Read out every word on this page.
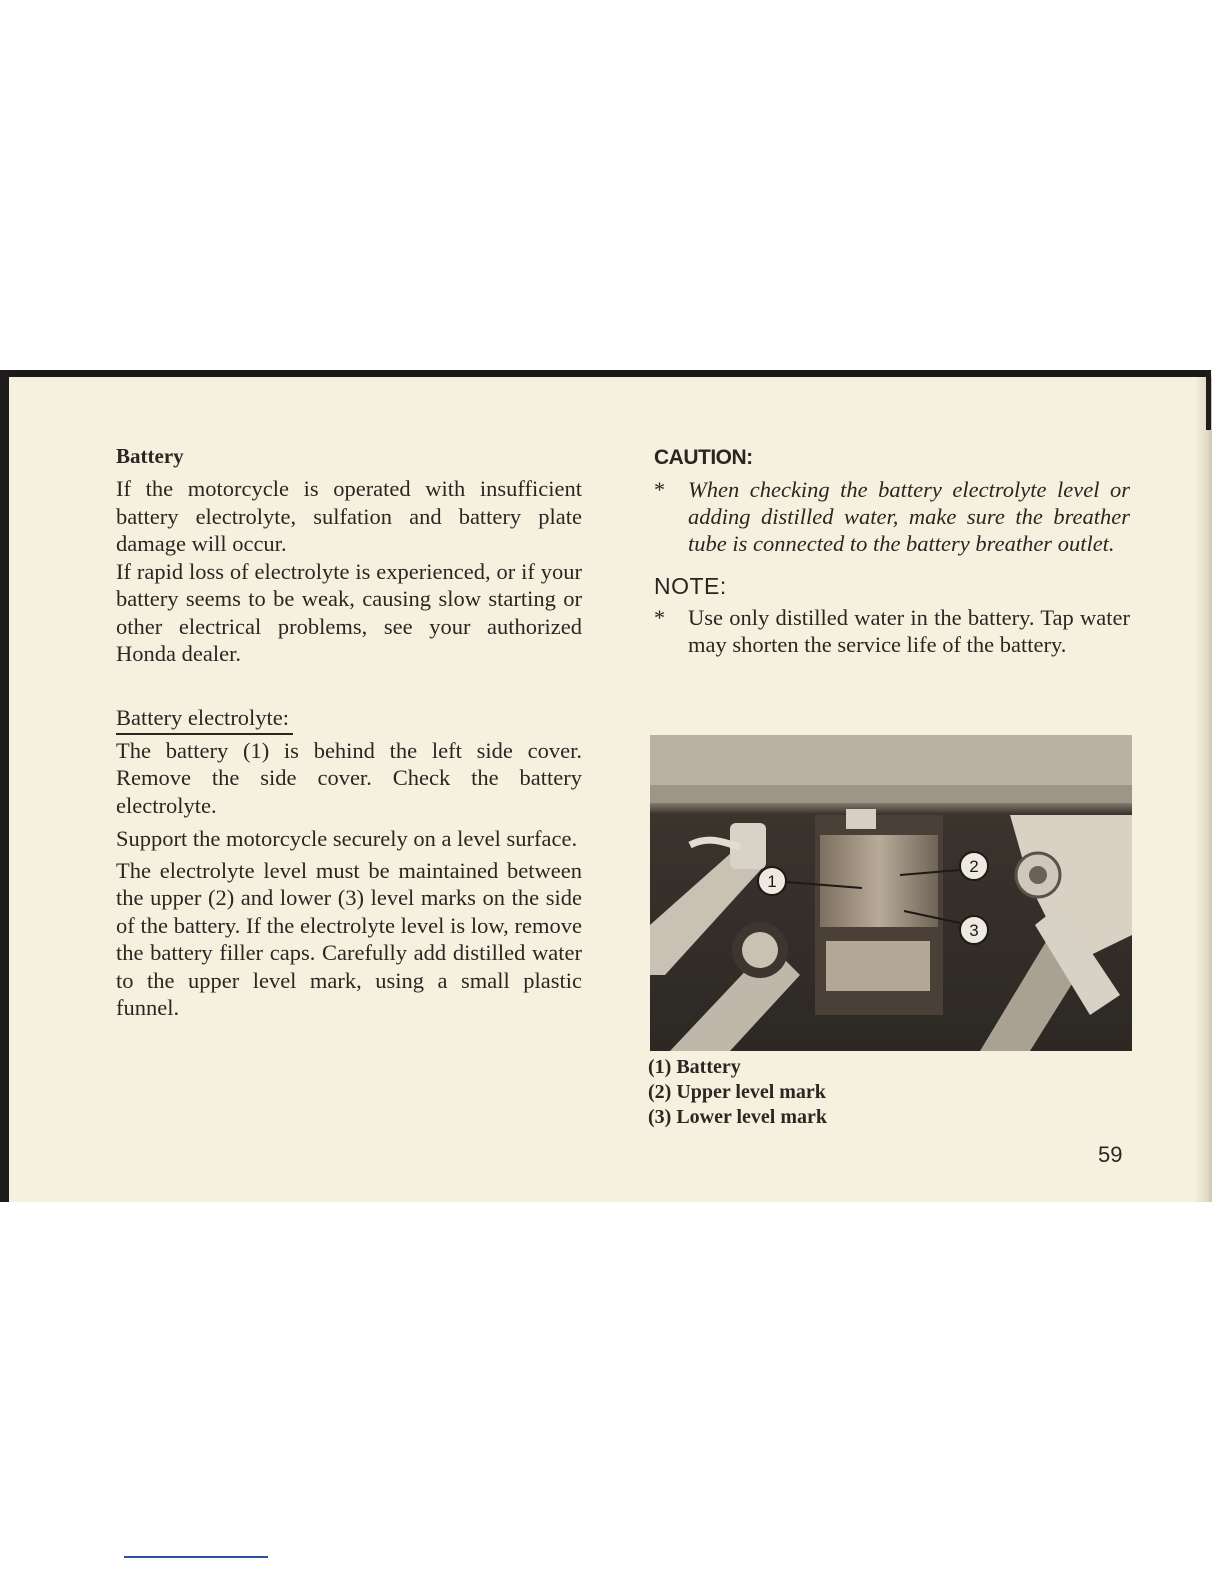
Battery

If the motorcycle is operated with insufficient battery electrolyte, sulfation and battery plate damage will occur.

If rapid loss of electrolyte is experienced, or if your battery seems to be weak, causing slow starting or other electrical problems, see your authorized Honda dealer.

Battery electrolyte:

The battery (1) is behind the left side cover. Remove the side cover. Check the battery electrolyte.

Support the motorcycle securely on a level surface.

The electrolyte level must be maintained between the upper (2) and lower (3) level marks on the side of the battery. If the electrolyte level is low, remove the battery filler caps. Carefully add distilled water to the upper level mark, using a small plastic funnel.

CAUTION:

*	When checking the battery electrolyte level or adding distilled water, make sure the breather tube is connected to the battery breather outlet.

NOTE:

*	Use only distilled water in the battery. Tap water may shorten the service life of the battery.
1
2
3
(1) Battery
(2) Upper level mark
(3) Lower level mark
59
